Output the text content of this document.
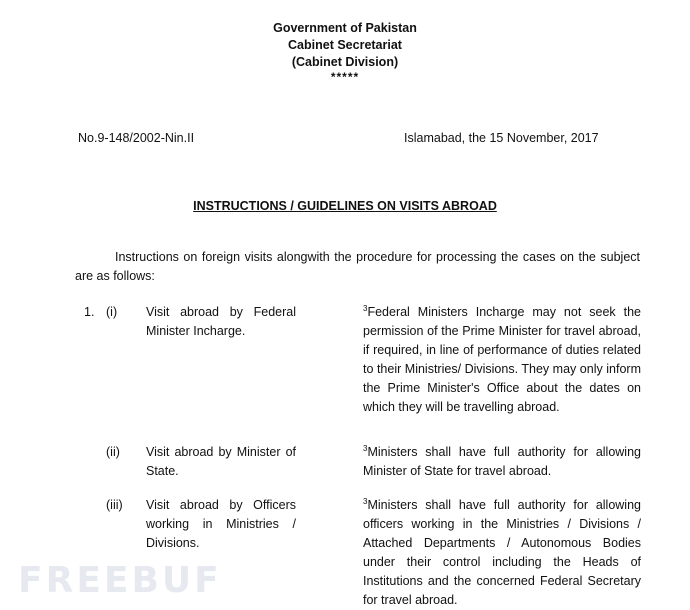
Government of Pakistan
Cabinet Secretariat
(Cabinet Division)
*****
No.9-148/2002-Nin.II	Islamabad, the 15 November, 2017
INSTRUCTIONS / GUIDELINES ON VISITS ABROAD
Instructions on foreign visits alongwith the procedure for processing the cases on the subject are as follows:
1. (i) Visit abroad by Federal Minister Incharge.
$^3$Federal Ministers Incharge may not seek the permission of the Prime Minister for travel abroad, if required, in line of performance of duties related to their Ministries/ Divisions. They may only inform the Prime Minister's Office about the dates on which they will be travelling abroad.
(ii) Visit abroad by Minister of State.
$^3$Ministers shall have full authority for allowing Minister of State for travel abroad.
(iii) Visit abroad by Officers working in Ministries / Divisions.
$^3$Ministers shall have full authority for allowing officers working in the Ministries / Divisions / Attached Departments / Autonomous Bodies under their control including the Heads of Institutions and the concerned Federal Secretary for travel abroad.
FREEBUF
